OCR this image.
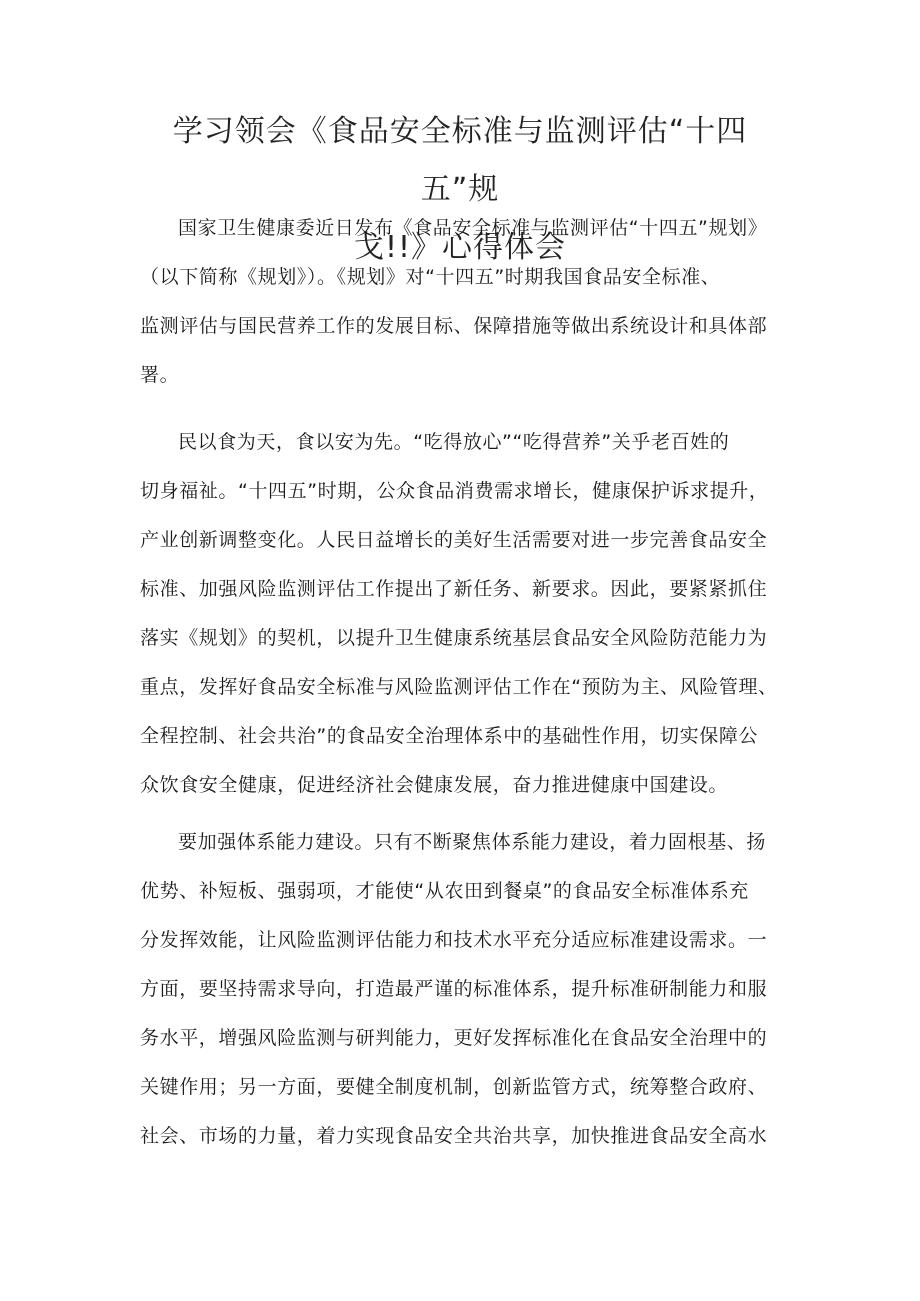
学习领会《食品安全标准与监测评估“十四五”规
戈!!》心得体会
国家卫生健康委近日发布《食品安全标准与监测评估“十四五”规划》
（以下简称《规划》）。《规划》对“十四五”时期我国食品安全标准、
监测评估与国民营养工作的发展目标、保障措施等做出系统设计和具体部
署。
民以食为天，食以安为先。“吃得放心”“吃得营养”关乎老百姓的
切身福祉。“十四五”时期，公众食品消费需求增长，健康保护诉求提升，
产业创新调整变化。人民日益增长的美好生活需要对进一步完善食品安全
标准、加强风险监测评估工作提出了新任务、新要求。因此，要紧紧抓住
落实《规划》的契机，以提升卫生健康系统基层食品安全风险防范能力为
重点，发挥好食品安全标准与风险监测评估工作在“预防为主、风险管理、
全程控制、社会共治”的食品安全治理体系中的基础性作用，切实保障公
众饮食安全健康，促进经济社会健康发展，奋力推进健康中国建设。
要加强体系能力建设。只有不断聚焦体系能力建设，着力固根基、扬
优势、补短板、强弱项，才能使“从农田到餐桌”的食品安全标准体系充
分发挥效能，让风险监测评估能力和技术水平充分适应标准建设需求。一
方面，要坚持需求导向，打造最严谨的标准体系，提升标准研制能力和服
务水平，增强风险监测与研判能力，更好发挥标准化在食品安全治理中的
关键作用；另一方面，要健全制度机制，创新监管方式，统筹整合政府、
社会、市场的力量，着力实现食品安全共治共享，加快推进食品安全高水
